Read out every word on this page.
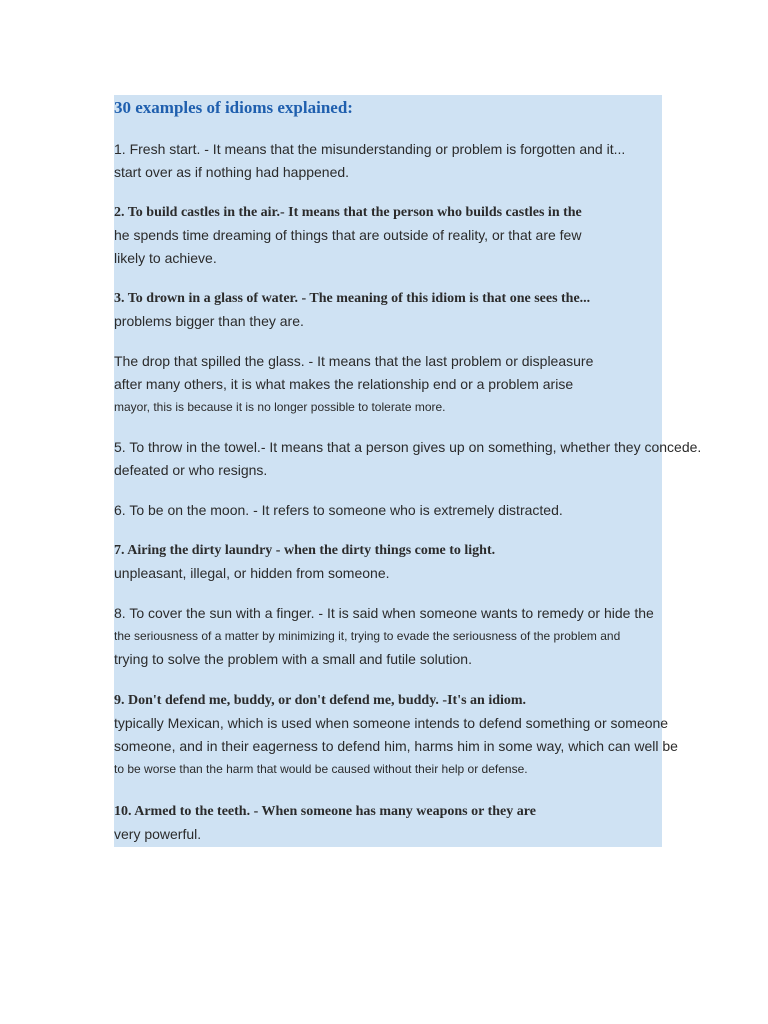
30 examples of idioms explained:

1. Fresh start. - It means that the misunderstanding or problem is forgotten and it...
start over as if nothing had happened.

2. To build castles in the air.- It means that the person who builds castles in the
he spends time dreaming of things that are outside of reality, or that are few
likely to achieve.

3. To drown in a glass of water. - The meaning of this idiom is that one sees the...
problems bigger than they are.

The drop that spilled the glass. - It means that the last problem or displeasure
after many others, it is what makes the relationship end or a problem arise
mayor, this is because it is no longer possible to tolerate more.

5. To throw in the towel.- It means that a person gives up on something, whether they concede.
defeated or who resigns.

6. To be on the moon. - It refers to someone who is extremely distracted.

7. Airing the dirty laundry - when the dirty things come to light.
unpleasant, illegal, or hidden from someone.

8. To cover the sun with a finger. - It is said when someone wants to remedy or hide the
the seriousness of a matter by minimizing it, trying to evade the seriousness of the problem and
trying to solve the problem with a small and futile solution.

9. Don't defend me, buddy, or don't defend me, buddy. -It's an idiom.
typically Mexican, which is used when someone intends to defend something or someone
someone, and in their eagerness to defend him, harms him in some way, which can well be
to be worse than the harm that would be caused without their help or defense.

10. Armed to the teeth. - When someone has many weapons or they are
very powerful.
